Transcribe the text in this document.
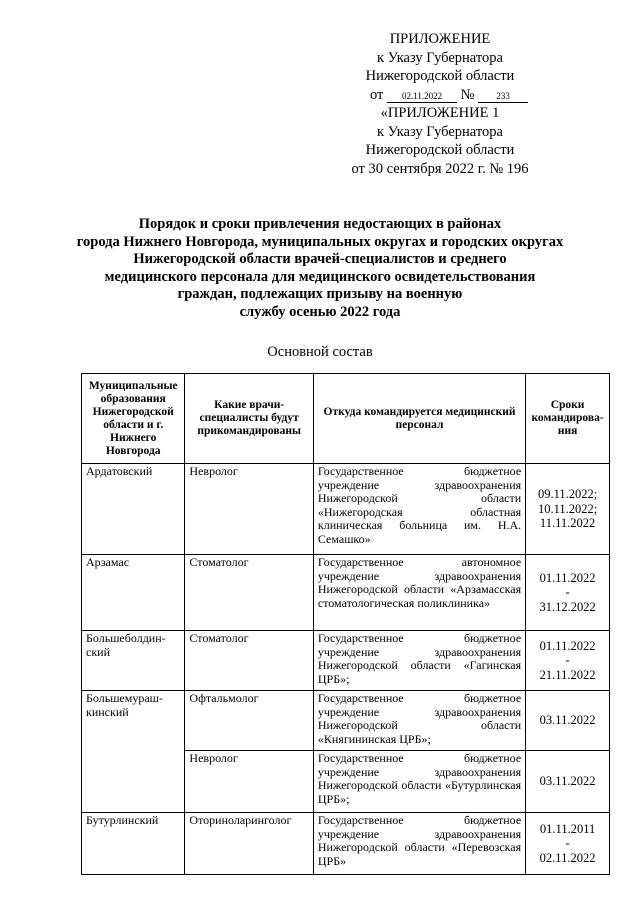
ПРИЛОЖЕНИЕ
к Указу Губернатора
Нижегородской области
от 02.11.2022 № 233
«ПРИЛОЖЕНИЕ 1
к Указу Губернатора
Нижегородской области
от 30 сентября 2022 г. № 196
Порядок и сроки привлечения недостающих в районах
города Нижнего Новгорода, муниципальных округах и городских округах
Нижегородской области врачей-специалистов и среднего
медицинского персонала для медицинского освидетельствования
граждан, подлежащих призыву на военную
службу осенью 2022 года
Основной состав
Муниципальные образования Нижегородской области и г. Нижнего Новгорода	Какие врачи-специалисты будут прикомандированы	Откуда командируется медицинский персонал	Сроки командирова-ния
Ардатовский	Невролог	Государственное бюджетное учреждение здравоохранения Нижегородской области «Нижегородская областная клиническая больница им. Н.А. Семашко»	09.11.2022;
10.11.2022;
11.11.2022

Арзамас	Стоматолог	Государственное автономное учреждение здравоохранения Нижегородской области «Арзамасская стоматологическая поликлиника»	01.11.2022
-
31.12.2022

Большеболдин-ский	Стоматолог	Государственное бюджетное учреждение здравоохранения Нижегородской области «Гагинская ЦРБ»;	01.11.2022
-
21.11.2022

Большемураш-кинский	Офтальмолог	Государственное бюджетное учреждение здравоохранения Нижегородской области «Княгининская ЦРБ»;	03.11.2022

	Невролог	Государственное бюджетное учреждение здравоохранения Нижегородской области «Бутурлинская ЦРБ»;	03.11.2022

Бутурлинский	Оториноларинголог	Государственное бюджетное учреждение здравоохранения Нижегородской области «Перевозская ЦРБ»	01.11.2011
-
02.11.2022
